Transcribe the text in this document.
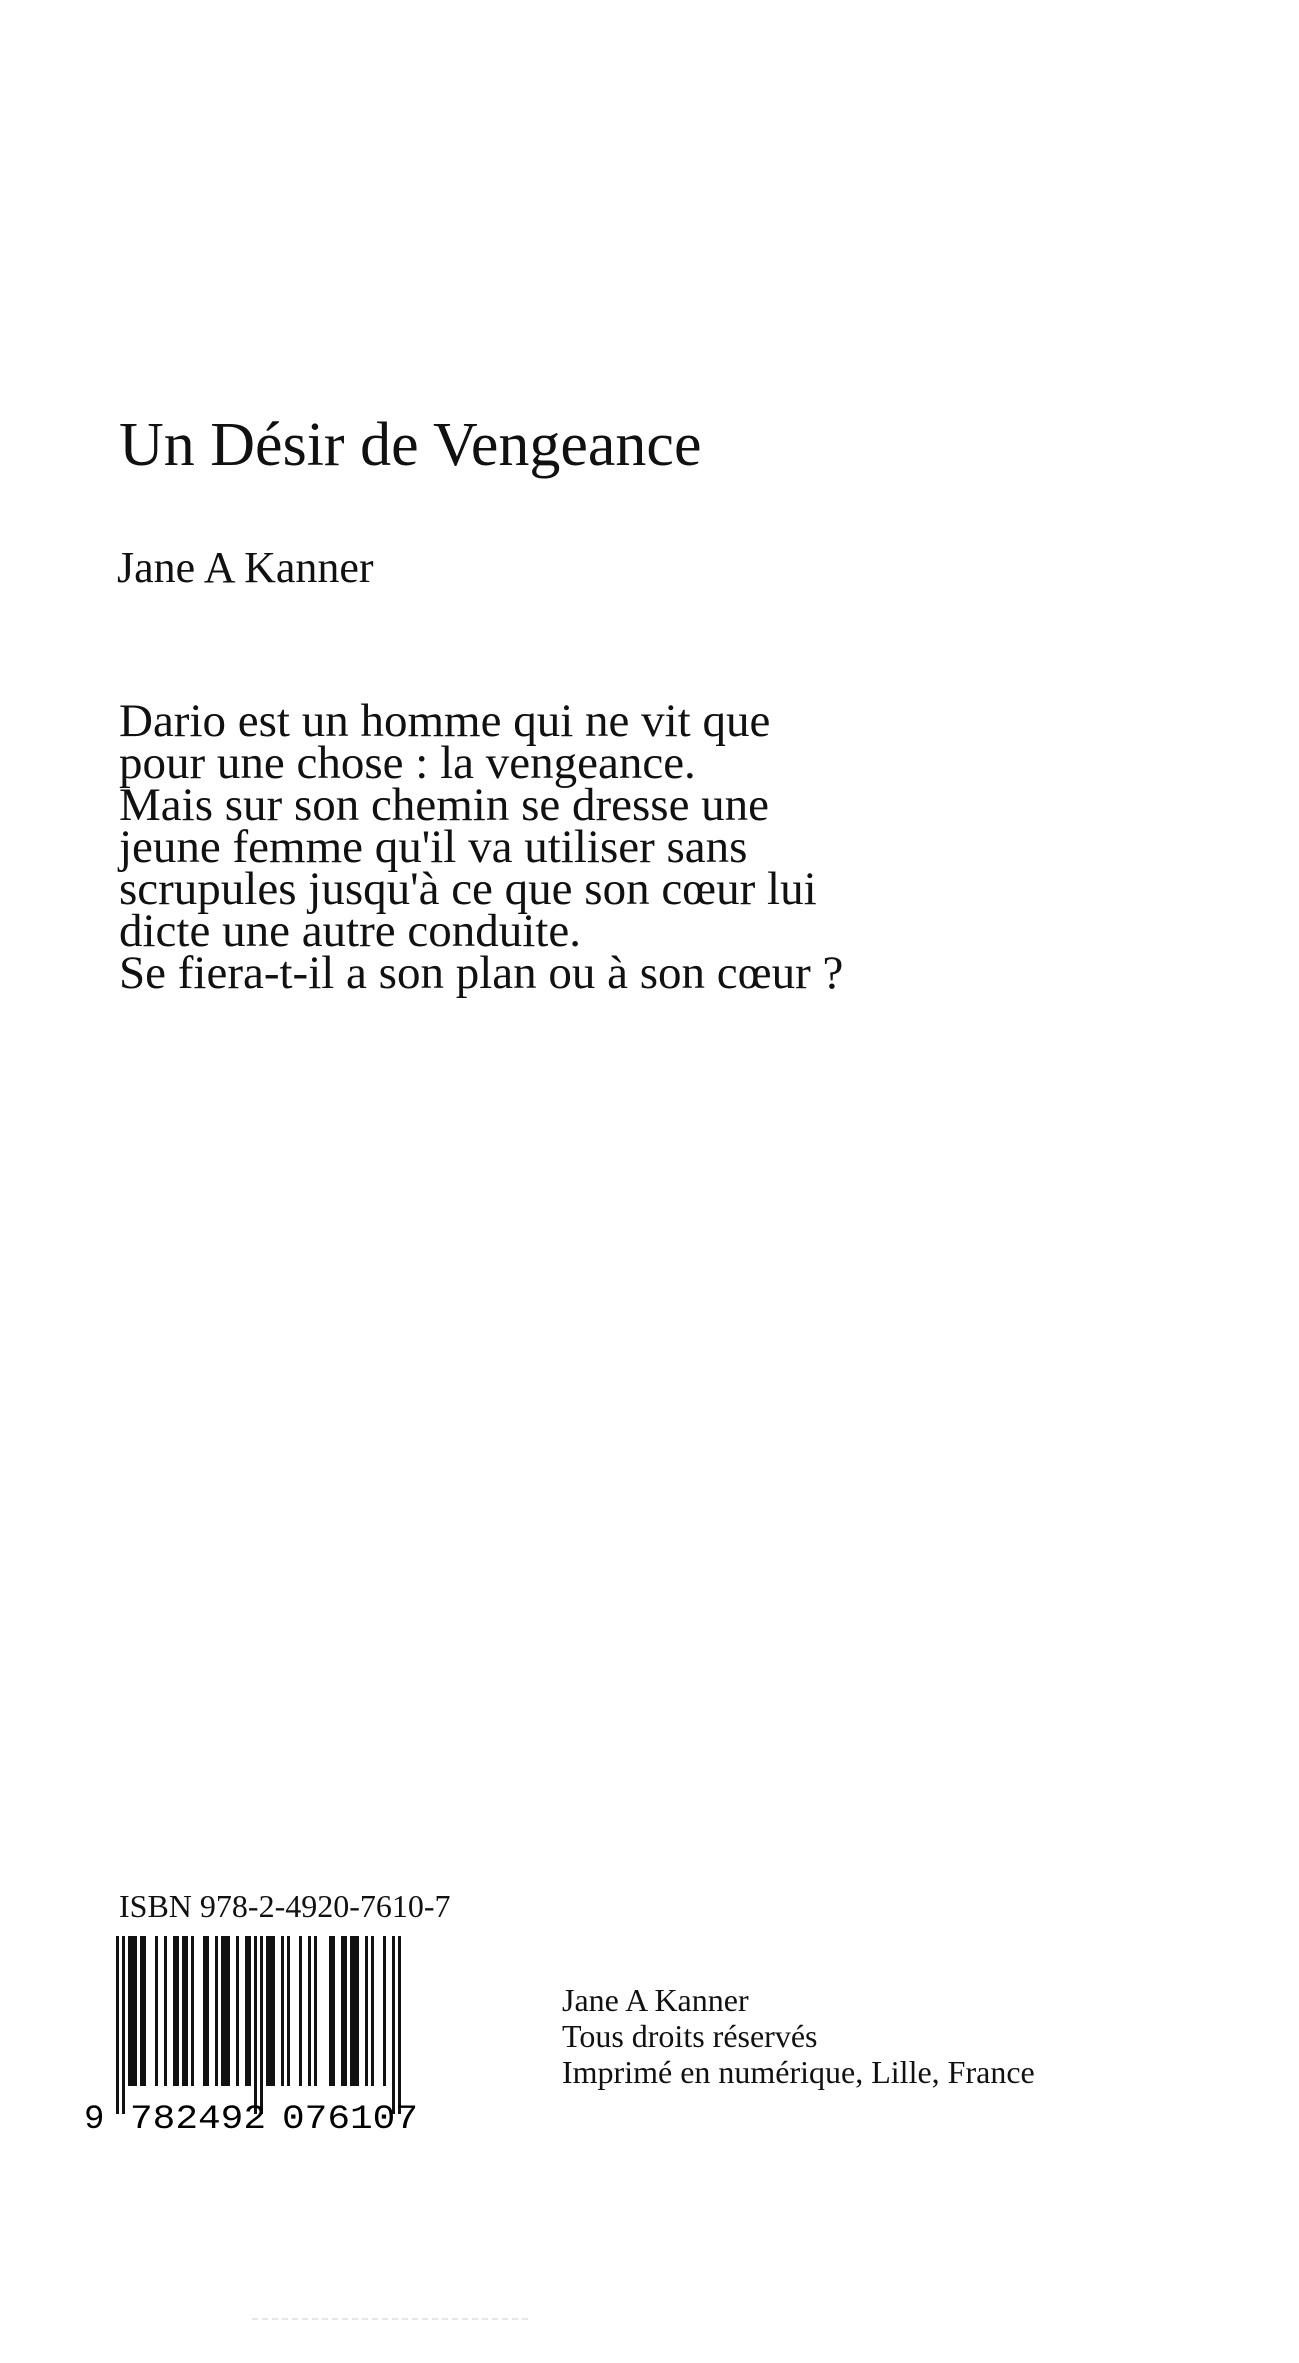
Un Désir de Vengeance
Jane A Kanner
Dario est un homme qui ne vit que
pour une chose : la vengeance.
Mais sur son chemin se dresse une
jeune femme qu'il va utiliser sans
scrupules jusqu'à ce que son cœur lui
dicte une autre conduite.
Se fiera-t-il a son plan ou à son cœur ?
ISBN 978-2-4920-7610-7
9 782492 076107
Jane A Kanner
Tous droits réservés
Imprimé en numérique, Lille, France
